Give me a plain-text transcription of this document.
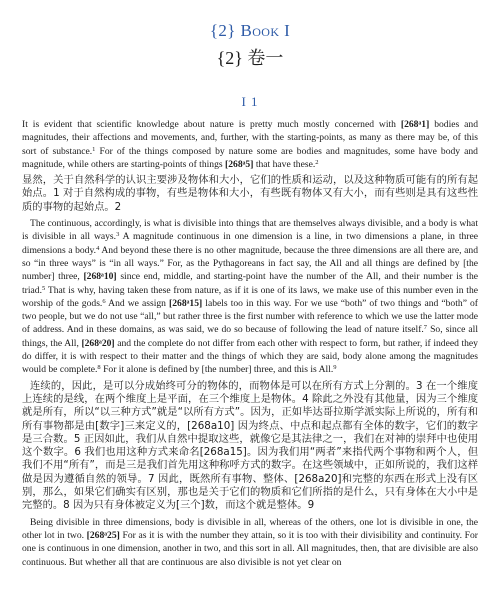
{2} Book I
{2} 卷一
I 1

It is evident that scientific knowledge about nature is pretty much mostly concerned with [268ᵃ1] bodies and magnitudes, their affections and movements, and, further, with the starting-points, as many as there may be, of this sort of substance.$^1$ For of the things composed by nature some are bodies and magnitudes, some have body and magnitude, while others are starting-points of things [268ᵃ5] that have these.$^2$

显然，关于自然科学的认识主要涉及物体和大小，它们的性质和运动，以及这种物质可能有的所有起始点。1 对于自然构成的事物，有些是物体和大小，有些既有物体又有大小，而有些则是具有这些性质的事物的起始点。2

The continuous, accordingly, is what is divisible into things that are themselves always divisible, and a body is what is divisible in all ways.$^3$ A magnitude continuous in one dimension is a line, in two dimensions a plane, in three dimensions a body.$^4$ And beyond these there is no other magnitude, because the three dimensions are all there are, and so “in three ways” is “in all ways.” For, as the Pythagoreans in fact say, the All and all things are defined by [the number] three, [268ᵃ10] since end, middle, and starting-point have the number of the All, and their number is the triad.$^5$ That is why, having taken these from nature, as if it is one of its laws, we make use of this number even in the worship of the gods.$^6$ And we assign [268ᵃ15] labels too in this way. For we use “both” of two things and “both” of two people, but we do not use “all,” but rather three is the first number with reference to which we use the latter mode of address. And in these domains, as was said, we do so because of following the lead of nature itself.$^7$ So, since all things, the All, [268ᵃ20] and the complete do not differ from each other with respect to form, but rather, if indeed they do differ, it is with respect to their matter and the things of which they are said, body alone among the magnitudes would be complete.$^8$ For it alone is defined by [the number] three, and this is All.$^9$

连续的，因此，是可以分成始终可分的物体的，而物体是可以在所有方式上分割的。3 在一个维度上连续的是线，在两个维度上是平面，在三个维度上是物体。4 除此之外没有其他量，因为三个维度就是所有，所以“以三种方式”就是“以所有方式”。因为，正如毕达哥拉斯学派实际上所说的，所有和所有事物都是由[数字]三来定义的，[268a10] 因为终点、中点和起点都有全体的数字，它们的数字是三合数。5 正因如此，我们从自然中提取这些，就像它是其法律之一，我们在对神的崇拜中也使用这个数字。6 我们也用这种方式来命名[268a15]。因为我们用“两者”来指代两个事物和两个人，但我们不用“所有”，而是三是我们首先用这种称呼方式的数字。在这些领域中，正如所说的，我们这样做是因为遵循自然的领导。7 因此，既然所有事物、整体、[268a20]和完整的东西在形式上没有区别，那么，如果它们确实有区别，那也是关于它们的物质和它们所指的是什么，只有身体在大小中是完整的。8 因为只有身体被定义为[三个]数，而这个就是整体。9

Being divisible in three dimensions, body is divisible in all, whereas of the others, one lot is divisible in one, the other lot in two. [268ᵃ25] For as it is with the number they attain, so it is too with their divisibility and continuity. For one is continuous in one dimension, another in two, and this sort in all. All magnitudes, then, that are divisible are also continuous. But whether all that are continuous are also divisible is not yet clear on
